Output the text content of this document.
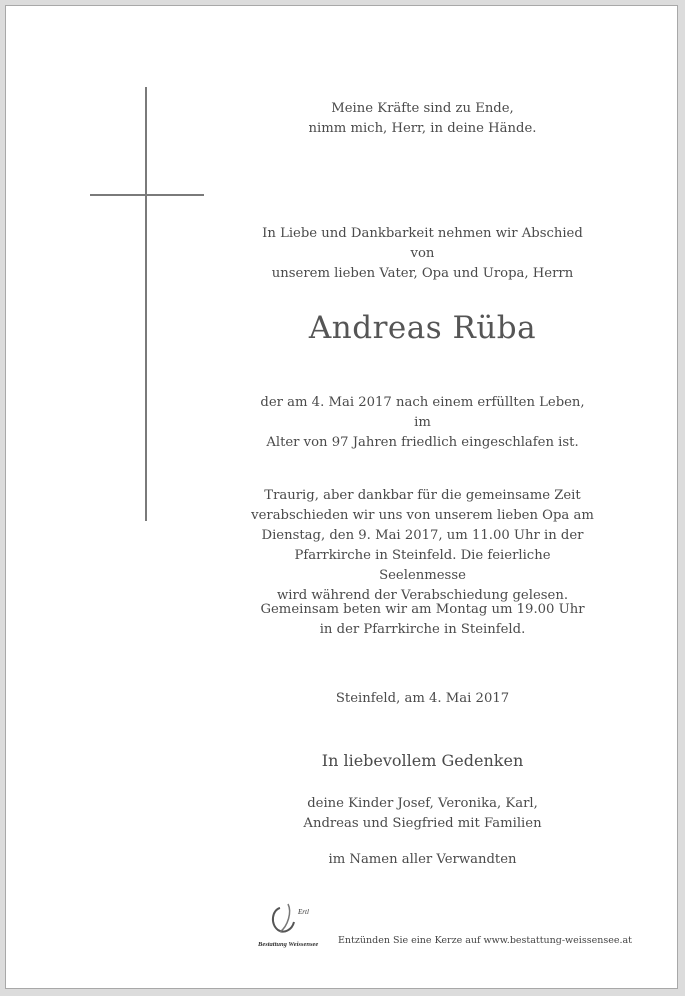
Meine Kräfte sind zu Ende,

nimm mich, Herr, in deine Hände.

In Liebe und Dankbarkeit nehmen wir Abschied von

unserem lieben Vater, Opa und Uropa, Herrn

Andreas Rüba

der am 4. Mai 2017 nach einem erfüllten Leben, im

Alter von 97 Jahren friedlich eingeschlafen ist.

Traurig, aber dankbar für die gemeinsame Zeit

verabschieden wir uns von unserem lieben Opa am

Dienstag, den 9. Mai 2017, um 11.00 Uhr in der

Pfarrkirche in Steinfeld. Die feierliche Seelenmesse

wird während der Verabschiedung gelesen.

Gemeinsam beten wir am Montag um 19.00 Uhr

in der Pfarrkirche in Steinfeld.

Steinfeld, am 4. Mai 2017

In liebevollem Gedenken

deine Kinder Josef, Veronika, Karl,

Andreas und Siegfried mit Familien

im Namen aller Verwandten

Ertl
Bestattung Weissensee Entzünden Sie eine Kerze auf www.bestattung-weissensee.at
